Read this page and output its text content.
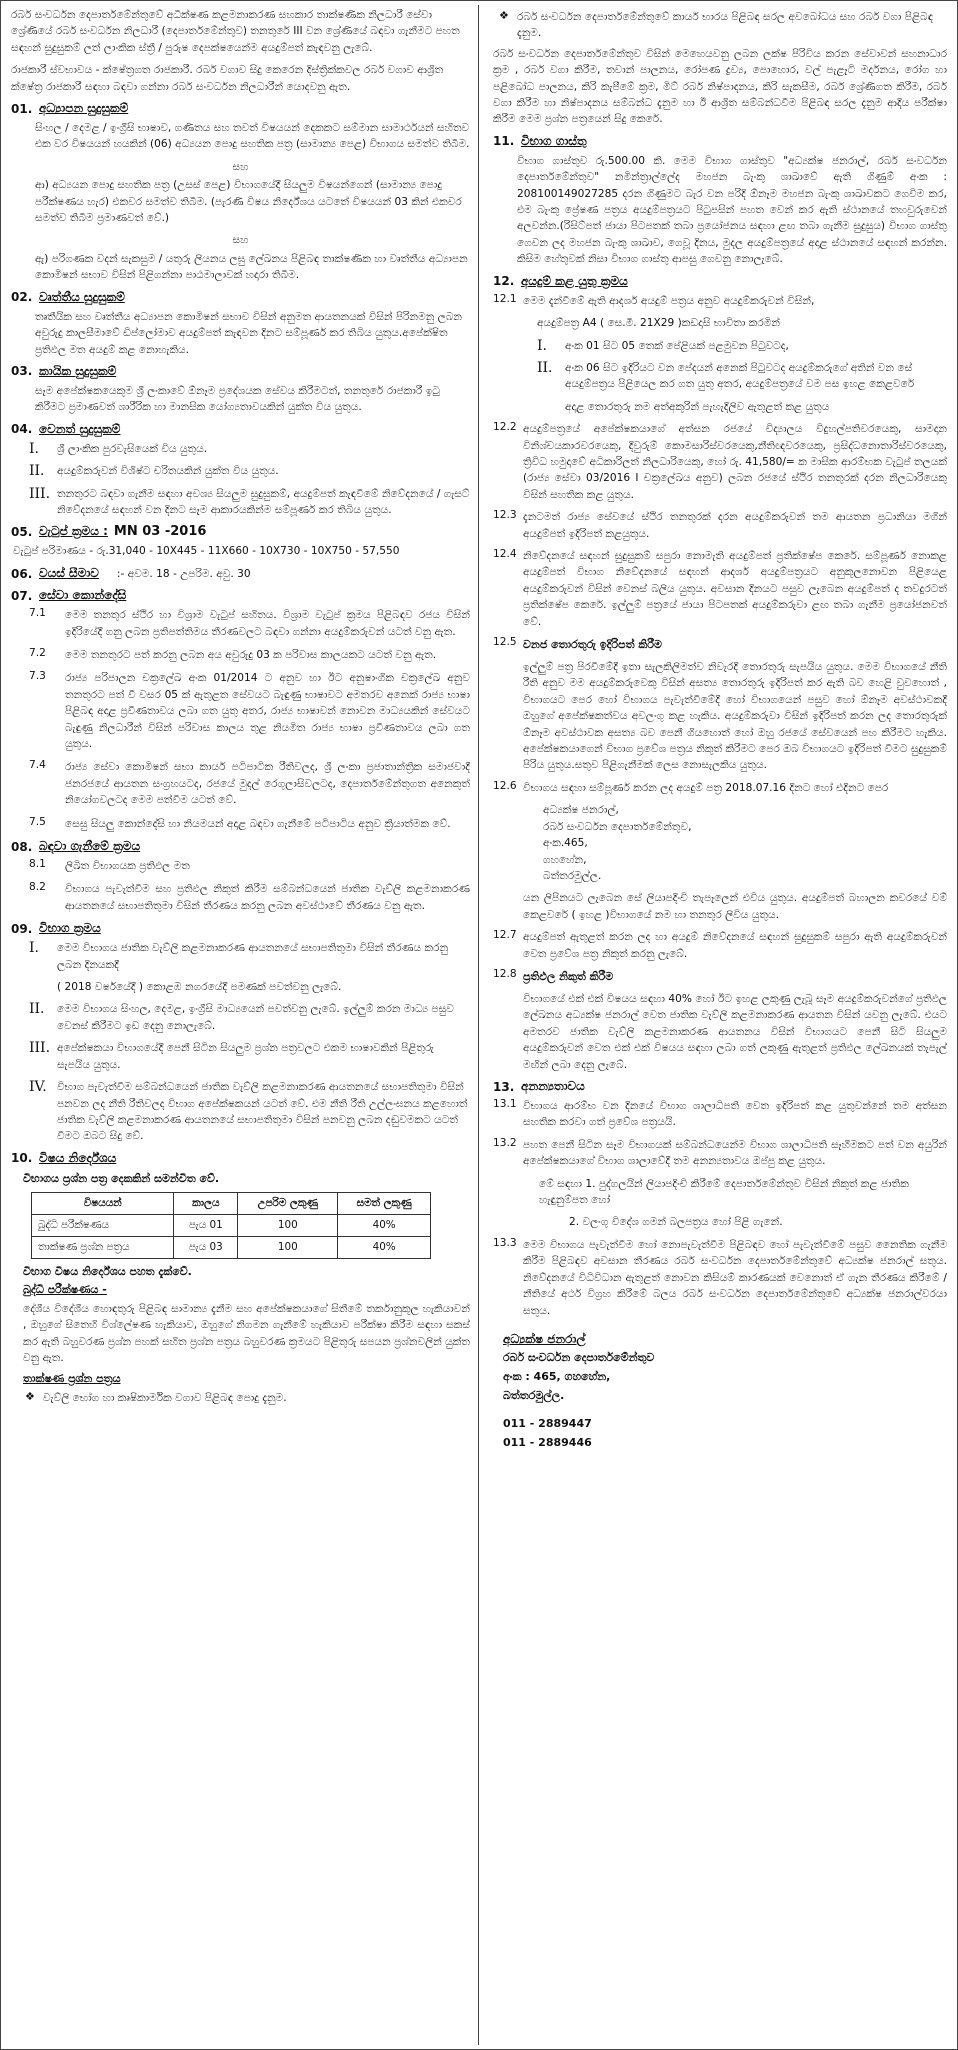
රබර් සංවර්ධන දෙපාර්තමේන්තුවේ අධීක්ෂණ කළමනාකරණ සහකාර තාක්ෂණික නිලධාරී සේවා ශ්‍රේණියේ රබර් සංවර්ධන නිලධාරී (දෙපාර්තමේන්තුව) තනතුරේ III වන ශ්‍රේණියේ බඳවා ගැනීමට පහත සඳහන් සුදුසුකම් ලත් ලාංකික ස්ත්‍රී / පුරුෂ දෙපක්ෂයෙන්ම අයදුම්පත් කැඳවනු ලැබේ.

රාජකාරී ස්වභාවය - ක්ෂේත්‍රගත රාජකාරී. රබර් වගාව සිදු කෙරෙන දිස්ත්‍රික්කවල රබර් වගාව ආශ්‍රිත ක්ෂේත්‍ර රාජකාරී සඳහා බඳවා ගන්නා රබර් සංවර්ධන නිලධාරීන් යොදවනු ඇත.

01. අධ්‍යාපන සුදුසුකම්

සිංහල / දෙමළ / ඉංග්‍රීසි භාෂාව, ගණිතය සහ තවත් විෂයයන් දෙකකට සම්මාන සාමාර්ථයන් සහිතව එක වර විෂයයන් හයකින් (06) අධ්‍යයන පොදු සහතික පත්‍ර (සාමාන්‍ය පෙළ) විභාගය සමත්ව තිබීම.

සහ

ආ) අධ්‍යයන පොදු සහතික පත්‍ර (උසස් පෙළ) විභාගයේදී සියලුම විෂයන්ගෙන් (සාමාන්‍ය පොදු පරීක්ෂණය හැර) එකවර සමත්ව තිබීම. (පැරණි විෂය නිර්දේශය යටතේ විෂයයන් 03 කින් එකවර සමත්ව තිබීම ප්‍රමාණවත් වේ.)

සහ

ඇ) පරිගණක වදන් සැකසුම / යතුරු ලියනය ලඝු ලේඛනය පිළිබඳ තාක්ෂණික හා වෘත්තීය අධ්‍යාපන කොමිෂන් සභාව විසින් පිළිගන්නා පාඨමාලාවක් හදාරා තිබීම.

02. වෘත්තීය සුදුසුකම්

තෘතීයික සහ වෘත්තීය අධ්‍යාපන කොමිෂන් සභාව විසින් අනුමත ආයතනයක් විසින් පිරිනමනු ලබන අවුරුදු කාලසීමාවේ ඩිප්ලෝමාව අයදුම්පත් කැඳවන දිනට සම්පූර්ණ කර තිබිය යුතුය.අපේක්ෂිත ප්‍රතිඵල මත අයදුම් කළ නොහැකිය.

03. කායික සුදුසුකම්

සෑම අපේක්ෂකයෙකුම ශ්‍රී ලංකාවේ ඕනෑම ප්‍රදේශයක සේවය කිරීමටත්, තනතුරේ රාජකාරී ඉටු කිරීමට ප්‍රමාණවත් ශාරීරික හා මානසික යෝග්‍යතාවයකින් යුක්ත විය යුතුය.

04. වෙනත් සුදුසුකම්
I.	ශ්‍රී ලාංකික පුරවැසියෙක් විය යුතුය.
II.	අයදුම්කරුවන් විශිෂ්ට චරිතයකින් යුක්ත විය යුතුය.
III. තනතුරට බඳවා ගැනීම සඳහා අවශ්‍ය සියලුම සුදුසුකම්, අයදුම්පත් කැඳවීමේ නිවේදනයේ / ගැසට් නිවේදනයේ සඳහන් වන දිනට සෑම ආකාරයකින්ම සම්පූර්ණ කර තිබිය යුතුය.
05. වැටුප් ක්‍රමය : MN 03 -2016

වැටුප් පරිමාණය - රු.31,040 - 10X445 - 11X660 - 10X730 - 10X750 - 57,550

06. වයස් සීමාව :- අවම. 18 - උපරිම. අවු. 30
07. සේවා කොන්දේසි
7.1	මෙම තනතුර ස්ථිර හා විශ්‍රාම වැටුප් සහිතය. විශ්‍රාම වැටුප් ක්‍රමය පිළිබඳව රජය විසින් ඉදිරියේදී ගනු ලබන ප්‍රතිපත්තිමය තීරණවලට බඳවා ගන්නා අයදුම්කරුවන් යටත් වනු ඇත.
7.2	මෙම තනතුරට පත් කරනු ලබන අය අවුරුදු 03 ක පරිවාස කාලයකට යටත් වනු ඇත.
7.3	රාජ්‍ය පරිපාලන චක්‍රලේඛ අංක 01/2014 ට අනුව හා ඊට අනුෂාංගික චක්‍රලේඛ අනුව තනතුරට පත් වී වසර 05 ක් ඇතුළත සේවයට බැඳුණු භාෂාවට අමතරව අනෙක් රාජ්‍ය භාෂා පිළිබඳ අදාළ ප්‍රවීණතාවය ලබා ගත යුතු අතර, රාජ්‍ය භාෂාවන් නොවන මාධ්‍යයකින් සේවයට බැඳුණු නිලධාරීන් විසින් පරිවාස කාලය තුළ නියමිත රාජ්‍ය භාෂා ප්‍රවීණතාවය ලබා ගත යුතුය.
7.4	රාජ්‍ය සේවා කොමිෂන් සභා කාර්ය පටිපාටික රීතිවලද, ශ්‍රී ලංකා ප්‍රජාතාන්ත්‍රික සමාජවාදී ජනරජයේ ආයතන සංග්‍රහයටද, රජයේ මුදල් රෙගුලාසිවලටද, දෙපාර්තමේන්තුගත අනෙකුත් නියෝගවලටද මෙම පත්වීම යටත් වේ.
7.5	සෙසු සියලු කොන්දේසි හා නියමයන් අදාළ බඳවා ගැනීමේ පටිපාටිය අනුව ක්‍රියාත්මක වේ.
08. බඳවා ගැනීමේ ක්‍රමය
8.1	ලිඛිත විභාගයක ප්‍රතිඵල මත
8.2	විභාගය පැවැත්වීම සහ ප්‍රතිඵල නිකුත් කිරීම සම්බන්ධයෙන් ජාතික වැව්ලි කළමනාකරණ ආයතනයේ සභාපතිතුමා විසින් තීරණය කරනු ලබන අවස්ථාවේ තීරණය වනු ඇත.
09. විභාග ක්‍රමය
I.	මෙම විභාගය ජාතික වැව්ලි කළමනාකරණ ආයතනයේ සභාපතිතුමා විසින් තීරණය කරනු ලබන දිනයකදී
( 2018 වර්ෂයේදී ) කොළඹ නගරයේදී පමණක් පවත්වනු ලැබේ.
II.	මෙම විභාගය සිංහල, දෙමළ, ඉංග්‍රීසි මාධ්‍යයෙන් පවත්වනු ලැබේ. ඉල්ලුම් කරන මාධ්‍ය පසුව වෙනස් කිරීමට ඉඩ දෙනු නොලැබේ.
III. අපේක්ෂකයා විභාගයේදී පෙනී සිටින සියලුම ප්‍රශ්න පත්‍රවලට එකම භාෂාවකින් පිළිතුරු සැපයිය යුතුය.
IV. විභාග පැවැත්වීම සම්බන්ධයෙන් ජාතික වැව්ලි කළමනාකරණ ආයතනයේ සභාපතිතුමා විසින් පනවන ලද නීති රීතිවලද විභාග අපේක්ෂකයන් යටත් වේ. එම නීති රීති උල්ලංඝනය කළහොත් ජාතික වැව්ලි කළමනාකරණ ආයතනයේ සභාපතිතුමා විසින් පනවනු ලබන දඬුවමකට යටත් වීමට ඔබට සිදු වේ.
10. විෂය නිර්දේශය
විභාගය ප්‍රශ්න පත්‍ර දෙකකින් සමන්විත වේ.
විෂයයන්	කාලය	උපරිම ලකුණු	සමත් ලකුණු
බුද්ධි පරීක්ෂණය	පැය 01	100	40%
තාක්ෂණ ප්‍රශ්න පත්‍රය	පැය 03	100	40%
විභාග විෂය නිර්දේශය පහත දැක්වේ.
බුද්ධි පරීක්ෂණය -

දේශීය විදේශීය හොඳතුරු පිළිබඳ සාමාන්‍ය දැනීම සහ අපේක්ෂකයාගේ සිතීමේ තර්කානුකූල හැකියාවන් , ඔහුගේ සිතෙහි විශ්ලේෂණ හැකියාව, ඔහුගේ නිගමන ගැනීමේ හැකියාව පරීක්ෂා කිරීම සඳහා සකස් කර ඇති බහුවරණ ප්‍රශ්න පහක් සහිත ප්‍රශ්න පත්‍රය බහුවරණ ක්‍රමයට පිළිතුරු සපයන ප්‍රශ්නවලින් යුක්ත වනු ඇත.

තාක්ෂණ ප්‍රශ්න පත්‍රය
❖ වැව්ලි භෝග හා කෘෂිකාර්මික වගාව පිළිබඳ පොදු දැනුම.
❖ රබර් සංවර්ධන දෙපාර්තමේන්තුවේ කාර්ය භාරය පිළිබඳ සරල අවබෝධය සහ රබර් වගා පිළිබඳ දැනුම.

රබර් සංවර්ධන දෙපාර්තමේන්තුව විසින් මෙහෙයවනු ලබන ලක්ෂ පිරිවිය කරන සේවාවන් සහනාධාර ක්‍රම , රබර් වගා කිරීම, තවාන් පාලනය, රෝපණ ද්‍රව්‍ය, පොහොර, වල් පැළෑටි මර්දනය, රෝග හා පළිබෝධ පාලනය, කිරි කැපීමේ ක්‍රම, මිට් රබර් නිෂ්පාදනය, කිරි සැකසීම, රබර් ශ්‍රේණිගත කිරීම, රබර් වගා කිරීම හා නිෂ්පාදනය සම්බන්ධ දැනුම හා ඊ ආශ්‍රිත සම්බන්ධවීම පිළිබඳ සරල දැනුම ආදිය පරීක්ෂා කිරීම මෙම ප්‍රශ්න පත්‍රයෙන් සිදු කෙරේ.

11. විභාග ගාස්තු

විභාග ගාස්තුව රු.500.00 කි. මෙම විභාග ගාස්තුව "අධ්‍යක්ෂ ජනරාල්, රබර් සංවර්ධන දෙපාර්තමේන්තුව" නමින්ත්‍රාල්ලේද මහජන බැංකු ශාඛාවේ ඇති ගිණුම් අංක : 208100149027285 දරන ගිණුමට බැර වන පරිදි ඕනෑම මහජන බැංකු ශාඛාවකට ගෙවිම කර, එම බැංකු ප්‍රේෂණ පත්‍රය අයදුම්පත්‍රයට පිටුපසින් පහත වෙන් කර ඇති ස්ථානයේ තහවුරුවෙන් අලවන්න.(රිසිට්පත් ජායා පිටපතක් තබා ප්‍රයෝජනය සඳහා ළඟ තබා ගැනීම සුදුසුය) විභාග ගාස්තු ගෙවන ලද මහජන බැංකු ශාඛාව, ගෙවූ දිනය, මුදල අයදුම්පත්‍රයේ අදාළ ස්ථානයේ සඳහන් කරන්න. කිසිම හේතුවක් නිසා විභාග ගාස්තු ආපසු ගෙවනු නොලැබේ.

12. අයදුම් කළ යුතු ක්‍රමය
12.1 මෙම දැන්වීමේ ඇති ආදර්ශ අයදුම් පත්‍රය අනුව අයදුම්කරුවන් විසින්,

අයදුම්පත්‍ර A4 ( සෙ.මී. 21X29 )කඩදාසි භාවිතා කරමින්

I.	අංක 01 සිට 05 තෙක් පේළියක් පළමුවන පිටුවටද,
II.	අංක 06 සිට ඉදිරියට වන පේදයන් අනෙක් පිටුවටද අයදුම්කරුගේ අතින් වන සේ අයදුම්පත්‍රය පිළියෙල කර ගත යුතු අතර, අයදුම්පත්‍රයේ වම පස ඉහළ කෙළවරේ

අදාළ තොරතුරු නම අත්අකුරින් පැහැදිලිව ඇතුළත් කළ යුතුය

12.2 අයදුම්පත්‍රයේ අපේක්ෂකයාගේ අත්සන රජයේ විද්‍යාලය විදුහල්පතිවරයෙකු, සාමදාන විනිශ්චයකාරවරයෙකු, දිවුරුම් කොමසාරිස්වරයෙකු,නීතිඥවරයෙකු, ප්‍රසිද්ධනොතාරිස්වරයෙකු, ත්‍රිවිධ හමුදාවේ අධිකාරිලත් නිලධාරියෙකු, හෝ රු. 41,580/= ක මාසික ආරම්භක වැටුප් තලයක් (රාජ්‍ය සේවා 03/2016 I චක්‍රලේඛය අනුව) ලබන රජයේ ස්ථිර තනතුරක් දරන නිලධාරියෙකු විසින් සහතික කළ යුතුය.
12.3 දැනටමත් රාජ්‍ය සේවයේ ස්ථිර තනතුරක් දරන අයදුම්කරුවන් තම ආයතන ප්‍රධානියා මගින් අයදුම්පත් ඉදිරිපත් කළයුතුය.
12.4 නිවේදනයේ සඳහන් සුදුසුකම් සපුරා නොමැති අයදුම්පත් ප්‍රතික්ෂේප කෙරේ. සම්පූර්ණ නොකළ අයදුම්පත් විභාග නිවේදනයේ සඳහන් ආදර්ශ අයදුම්පත්‍රයට අනුකූලනොවන පිළියෙළ අයදුම්කරුවන් විසින් වෙනස් බලිය යුතුය. අවසාන දිනයට පසුව ලැබෙන අයදුම්පත් ද තවදුරටත් ප්‍රතික්ෂේප කෙරේ. ඉල්ලුම් පත්‍රයේ ජායා පිටපතක් අයදුම්කරුවා ළඟ තබා ගැනීම ප්‍රයෝජනවත් වේ.
12.5 වනජ තොරතුරු ඉදිරිපත් කිරීම

ඉල්ලුම් පත්‍ර පිරවීමේදී ඉතා සැලකිලිමත්ව නිවැරදි තොරතුරු සැපයිය යුතුය. මෙම විභාගයේ නීති රීති අනුව මම අයදුම්කරුවෙකු විසින් අසත්‍ය තොරතුරු ඉදිරිපත් කර ඇති බව හෙළි වුවහොත් , විභාගයට පෙර හෝ විභාගය පැවැත්වීමේදී හෝ විභාගයෙන් පසුව හෝ ඕනෑම අවස්ථාවකදී ඔහුගේ අපේක්ෂකත්වය අවලංගු කළ හැකිය. අයදුම්කරුවා විසින් ඉදිරිපත් කරන ලද තොරතුරුක් ඕනෑම අවස්ථාවක අසත්‍ය බව පෙනී ගියහොත් හෝ ඔහු රජයේ සේවයෙන් පහ කිරීමට හැකිය. අපේක්ෂකයාගෙන් විභාග ප්‍රවේශ පත්‍රය නිකුත් කිරීමට පෙර ඔබ විභාගයට ඉදිරිපත් වීමට සුදුසුකම් පිරිය යුතුය.සතුව පිළිගැනීමක් ලෙස නොසැලකිය යුතුය.

12.6 විභාගය සඳහා සම්පූර්ණ කරන ලද අයදුම් පත්‍ර 2018.07.16 දිනට හෝ එදිනට පෙර

අධ්‍යක්ෂ ජනරාල්,

රබර් සංවර්ධන දෙපාර්තමේන්තුව,

අංක.465,

ගහහේන,

බත්තරමුල්ල.

යන ලිපිනයට ලැබෙන සේ ලියාපදිංචි තැපෑලෙන් එවිය යුතුය. අයදුම්පත් බහාලන කවරයේ වම් කෙළවරේ ( ඉහළ )විභාගයේ නම හා තනතුර ලිවිය යුතුය.

12.7 අයදුම්පත් ඇතුළත් කරන ලද හා අයදුම් නිවේදනයේ සඳහන් සුදුසුකම් සපුරා ඇති අයදුම්කරුවන් වෙත ප්‍රවේශ පත්‍ර නිකුත් කරනු ලැබේ.
12.8 ප්‍රතිඵල නිකුත් කිරීම

විභාගයේ එක් එක් විෂයය සඳහා 40% හෝ ඊට ඉහළ ලකුණු ලැබූ සෑම අයදුම්කරුවන්ගේ ප්‍රතිඵල ලේඛනය අධ්‍යක්ෂ ජනරාල් වෙත ජාතික වැව්ලි කළමනාකරණ ආයතන විසින් යවනු ලැබේ. එයට අමතරව ජාතික වැව්ලි කළමනාකරණ ආයතනය විසින් විභාගයට පෙනී සිටි සියලුම අයදුම්කරුවන් වෙත එක් එක් විෂයය සඳහා ලබා ගත් ලකුණු ඇතුළත් ප්‍රතිඵල ලේඛනයක් තැපැල් මඟින් ලබා දෙනු ලැබේ.

13. අනන්‍යතාවය
13.1 විභාගය ආරම්භ වන දිනයේ විභාග ශාලාධිපති වෙත ඉදිරිපත් කළ යුතුවන්නේ තම අත්සන සහතික කරවා ගත් ප්‍රවේශ පත්‍රයයි.
13.2 පහත පෙනී සිටින සෑම විභාගයක් සම්බන්ධයෙන්ම විභාග ශාලාධිපති සෑහීමකට පත් වන අයුරින් අපේක්ෂකයාගේ විභාග ශාලාවේදී තම අනන්‍යතාවය ඔප්පු කළ යුතුය.

මේ සඳහා 1. පුද්ගලයින් ලියාපදිංචි කිරීමේ දෙපාර්තමේන්තුව විසින් නිකුත් කළ ජාතික හැඳුනුම්පත හෝ

2. වලංගු විදේශ ගමන් බලපත්‍රය හෝ පිළි ගැනේ.

13.3 මෙම විභාගය පැවැත්වීම හෝ නොපැවැත්වීම පිළිබඳව හෝ පැවැත්වීමේ පසුව නෛතික ගැනීම කිරීම පිළිබඳව අවසාන තීරණය රබර් සංවර්ධන දෙපාර්තමේන්තුවේ අධ්‍යක්ෂ ජනරාල් සතුය. නිවේදනයේ විධිවිධාන ඇතුළත් නොවන කිසියම් කාරණයක් වෙනොත් ඒ ගැන තීරණය කිරීමේ / නීතියේ අර්ථ විග්‍රහ කිරීමේ බලය රබර් සංවර්ධන දෙපාර්තමේන්තුවේ අධ්‍යක්ෂ ජනරාල්වරයා සතුය.
අධ්‍යක්ෂ ජනරාල්
රබර් සංවර්ධන දෙපාර්තමේන්තුව
අංක : 465, ගහහේන,
බත්තරමුල්ල.
011 - 2889447
011 - 2889446
